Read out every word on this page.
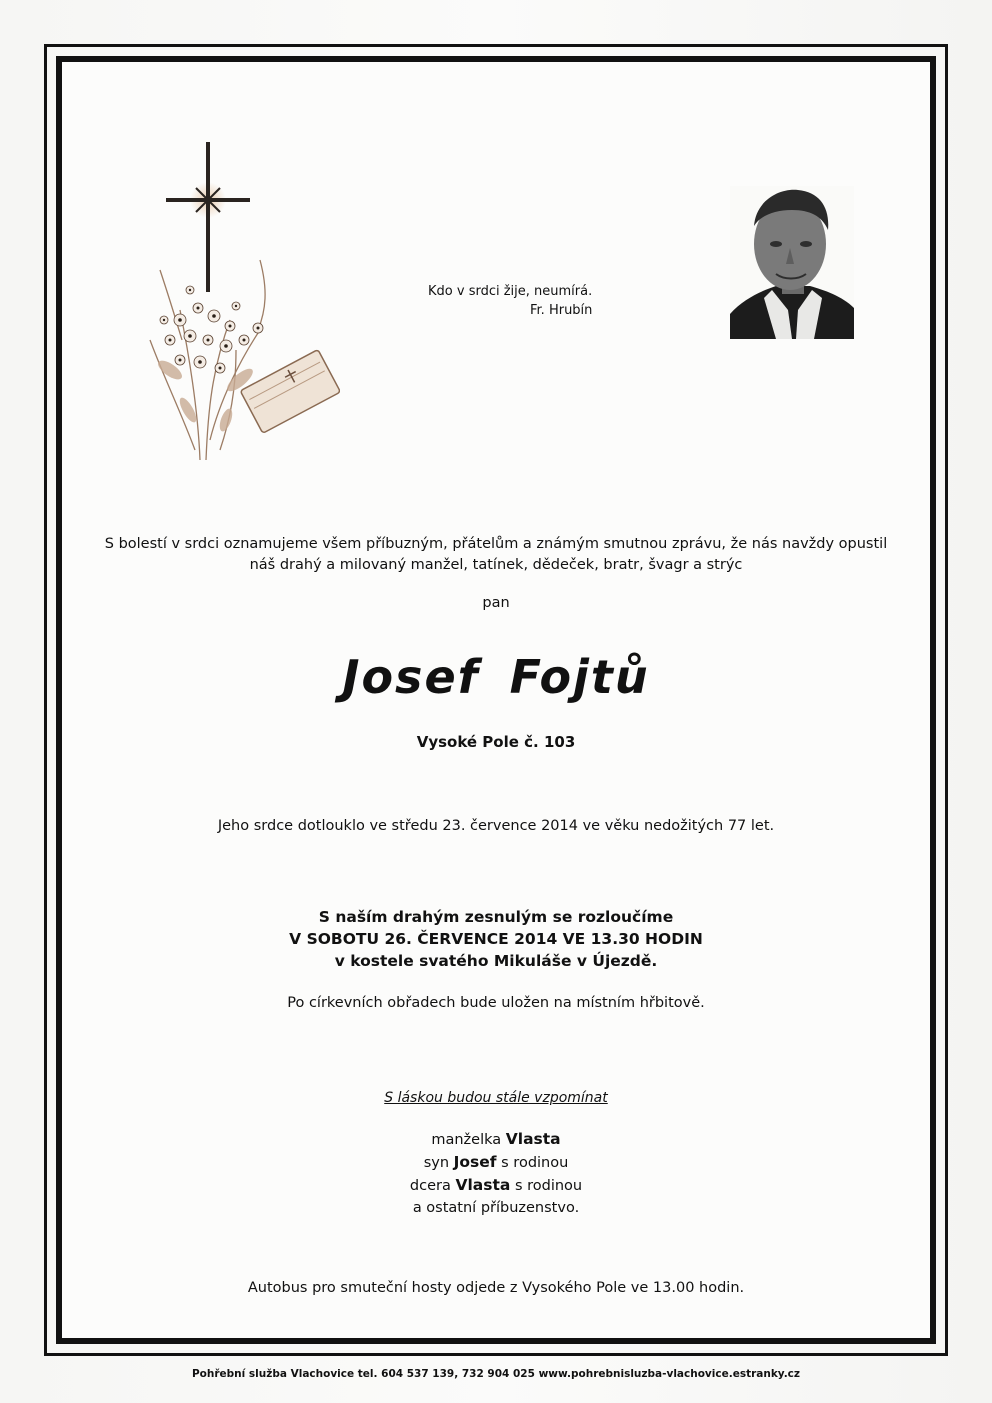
Kdo v srdci žije, neumírá.
Fr. Hrubín
S bolestí v srdci oznamujeme všem příbuzným, přátelům a známým smutnou zprávu, že nás navždy opustil
náš drahý a milovaný manžel, tatínek, dědeček, bratr, švagr a strýc
pan
Josef Fojtů
Vysoké Pole č. 103
Jeho srdce dotlouklo ve středu 23. července 2014 ve věku nedožitých 77 let.
S naším drahým zesnulým se rozloučíme
V SOBOTU 26. ČERVENCE 2014 VE 13.30 HODIN
v kostele svatého Mikuláše v Újezdě.
Po církevních obřadech bude uložen na místním hřbitově.
S láskou budou stále vzpomínat
manželka Vlasta
syn Josef s rodinou
dcera Vlasta s rodinou
a ostatní příbuzenstvo.
Autobus pro smuteční hosty odjede z Vysokého Pole ve 13.00 hodin.
Pohřební služba Vlachovice tel. 604 537 139, 732 904 025 www.pohrebnisluzba-vlachovice.estranky.cz
